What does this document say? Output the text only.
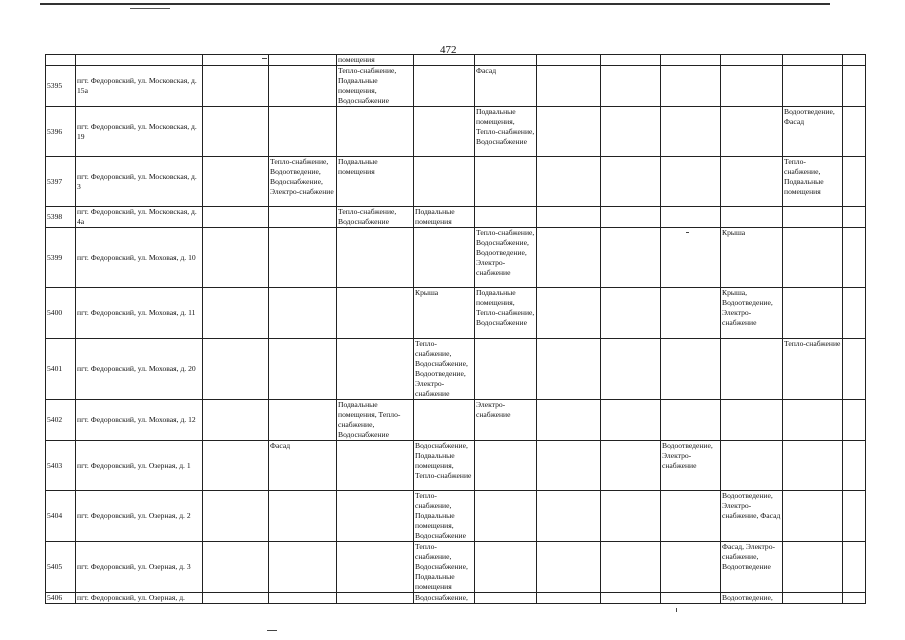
472
				помещения								
5395	пгт. Федоровский, ул. Московская, д. 15а			Тепло-снабжение, Подвальные помещения, Водоснабжение		Фасад						
5396	пгт. Федоровский, ул. Московская, д. 19					Подвальные помещения, Тепло-снабжение, Водоснабжение					Водоотведение, Фасад	
5397	пгт. Федоровский, ул. Московская, д. 3		Тепло-снабжение, Водоотведение, Водоснабжение, Электро-снабжение	Подвальные помещения							Тепло-снабжение, Подвальные помещения	
5398	пгт. Федоровский, ул. Московская, д. 4а			Тепло-снабжение, Водоснабжение	Подвальные помещения							
5399	пгт. Федоровский, ул. Моховая, д. 10					Тепло-снабжение, Водоснабжение, Водоотведение, Электро-снабжение				Крыша		
5400	пгт. Федоровский, ул. Моховая, д. 11				Крыша	Подвальные помещения, Тепло-снабжение, Водоснабжение				Крыша, Водоотведение, Электро-снабжение		
5401	пгт. Федоровский, ул. Моховая, д. 20				Тепло-снабжение, Водоснабжение, Водоотведение, Электро-снабжение						Тепло-снабжение	
5402	пгт. Федоровский, ул. Моховая, д. 12			Подвальные помещения, Тепло-снабжение, Водоснабжение		Электро-снабжение						
5403	пгт. Федоровский, ул. Озерная, д. 1		Фасад		Водоснабжение, Подвальные помещения, Тепло-снабжение				Водоотведение, Электро-снабжение			
5404	пгт. Федоровский, ул. Озерная, д. 2				Тепло-снабжение, Подвальные помещения, Водоснабжение					Водоотведение, Электро-снабжение, Фасад		
5405	пгт. Федоровский, ул. Озерная, д. 3				Тепло-снабжение, Водоснабжение, Подвальные помещения					Фасад, Электро-снабжение, Водоотведение		
5406	пгт. Федоровский, ул. Озерная, д.				Водоснабжение,					Водоотведение,		
